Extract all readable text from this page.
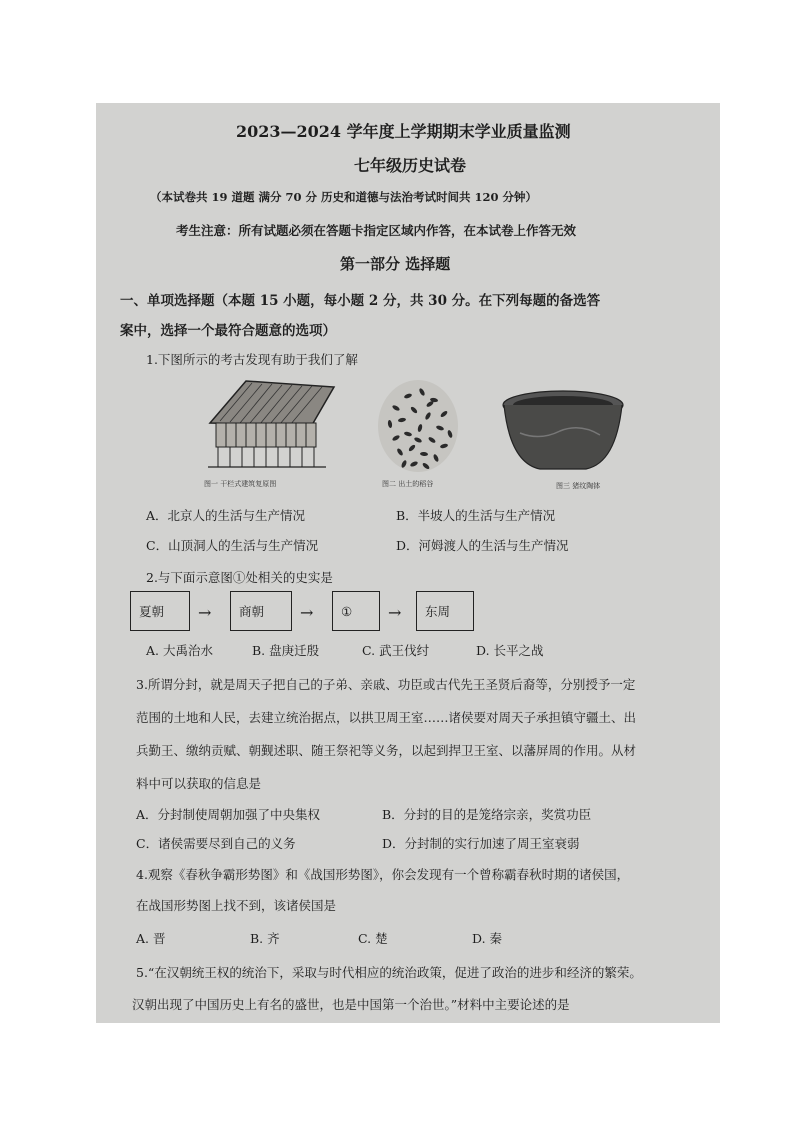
2023—2024 学年度上学期期末学业质量监测
七年级历史试卷
（本试卷共 19 道题 满分 70 分 历史和道德与法治考试时间共 120 分钟）
考生注意：所有试题必须在答题卡指定区域内作答，在本试卷上作答无效
第一部分 选择题
一、单项选择题（本题 15 小题，每小题 2 分，共 30 分。在下列每题的备选答
案中，选择一个最符合题意的选项）
1.下图所示的考古发现有助于我们了解
图一 干栏式建筑复原图	图二 出土的稻谷	图三 猪纹陶钵
A．北京人的生活与生产情况	B．半坡人的生活与生产情况
C．山顶洞人的生活与生产情况	D．河姆渡人的生活与生产情况
2.与下面示意图①处相关的史实是
夏朝	→	商朝	→	①	→	东周
A. 大禹治水	B. 盘庚迁殷	C. 武王伐纣	D. 长平之战
3.所谓分封，就是周天子把自己的子弟、亲戚、功臣或古代先王圣贤后裔等，分别授予一定
范围的土地和人民，去建立统治据点，以拱卫周王室……诸侯要对周天子承担镇守疆土、出
兵勤王、缴纳贡赋、朝觐述职、随王祭祀等义务，以起到捍卫王室、以藩屏周的作用。从材
料中可以获取的信息是
A．分封制使周朝加强了中央集权	B．分封的目的是笼络宗亲，奖赏功臣
C．诸侯需要尽到自己的义务	D．分封制的实行加速了周王室衰弱
4.观察《春秋争霸形势图》和《战国形势图》，你会发现有一个曾称霸春秋时期的诸侯国，
在战国形势图上找不到，该诸侯国是
A. 晋	B. 齐	C. 楚	D. 秦
5.“在汉朝统王权的统治下，采取与时代相应的统治政策，促进了政治的进步和经济的繁荣。
汉朝出现了中国历史上有名的盛世，也是中国第一个治世。”材料中主要论述的是
